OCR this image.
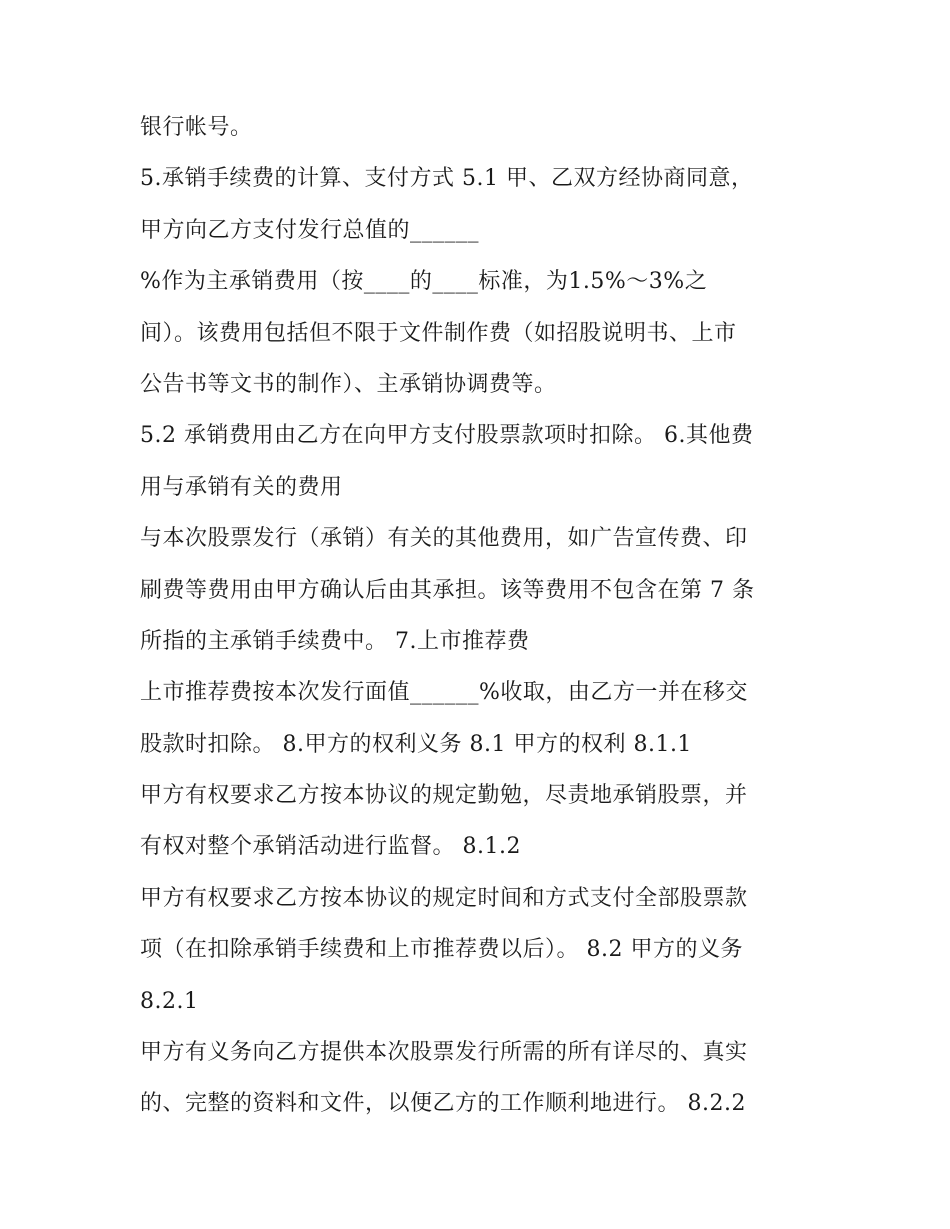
银行帐号。
5.承销手续费的计算、支付方式 5.1 甲、乙双方经协商同意，
甲方向乙方支付发行总值的______
%作为主承销费用（按____的____标准，为1.5%～3%之
间）。该费用包括但不限于文件制作费（如招股说明书、上市
公告书等文书的制作）、主承销协调费等。
5.2 承销费用由乙方在向甲方支付股票款项时扣除。 6.其他费
用与承销有关的费用
与本次股票发行（承销）有关的其他费用，如广告宣传费、印
刷费等费用由甲方确认后由其承担。该等费用不包含在第 7 条
所指的主承销手续费中。 7.上市推荐费
上市推荐费按本次发行面值______%收取，由乙方一并在移交
股款时扣除。 8.甲方的权利义务 8.1 甲方的权利 8.1.1
甲方有权要求乙方按本协议的规定勤勉，尽责地承销股票，并
有权对整个承销活动进行监督。 8.1.2
甲方有权要求乙方按本协议的规定时间和方式支付全部股票款
项（在扣除承销手续费和上市推荐费以后）。 8.2 甲方的义务
8.2.1
甲方有义务向乙方提供本次股票发行所需的所有详尽的、真实
的、完整的资料和文件，以便乙方的工作顺利地进行。 8.2.2
